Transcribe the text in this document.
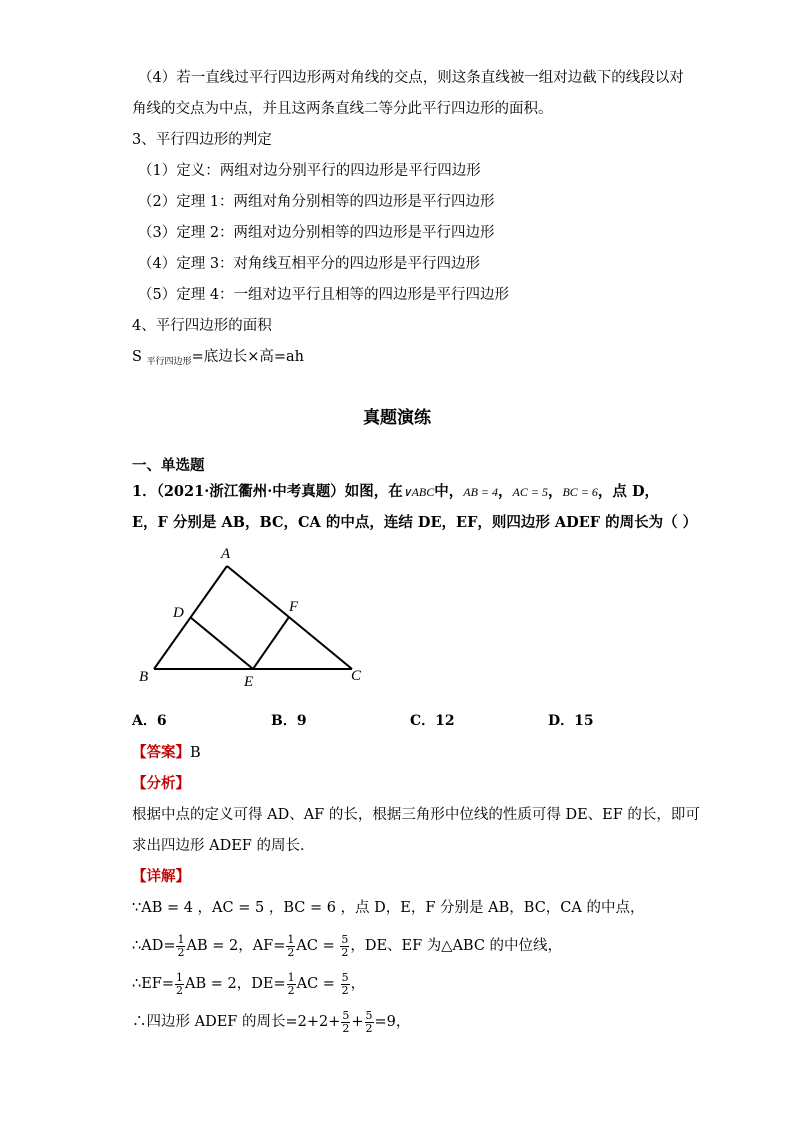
（4）若一直线过平行四边形两对角线的交点，则这条直线被一组对边截下的线段以对
角线的交点为中点，并且这两条直线二等分此平行四边形的面积。
3、平行四边形的判定
（1）定义：两组对边分别平行的四边形是平行四边形
（2）定理 1：两组对角分别相等的四边形是平行四边形
（3）定理 2：两组对边分别相等的四边形是平行四边形
（4）定理 3：对角线互相平分的四边形是平行四边形
（5）定理 4：一组对边平行且相等的四边形是平行四边形
4、平行四边形的面积
S $_{平行四边形}$=底边长×高=ah
真题演练
一、单选题
1．（2021·浙江衢州·中考真题）如图，在∨ABC中，AB = 4，AC = 5，BC = 6，点 D，
E，F 分别是 AB，BC，CA 的中点，连结 DE，EF，则四边形 ADEF 的周长为（ ）
A
B	C
D
E
F
A．6	B．9	C．12	D．15
【答案】B
【分析】
根据中点的定义可得 AD、AF 的长，根据三角形中位线的性质可得 DE、EF 的长，即可
求出四边形 ADEF 的周长．
【详解】
∵AB = 4 ，AC = 5 ，BC = 6 ，点 D，E，F 分别是 AB，BC，CA 的中点，
∴AD= $\frac{1}{2}$ AB = 2，$AF= \frac{1}{2}$ AC = $\frac{5}{2}$ ，DE、EF 为△ABC 的中位线，
∴EF= $\frac{1}{2}$ AB = 2，$DE= \frac{1}{2}$ AC = $\frac{5}{2}$ ，
∴四边形 ADEF 的周长$=2+2+ \frac{5}{2} + \frac{5}{2} =9$，
